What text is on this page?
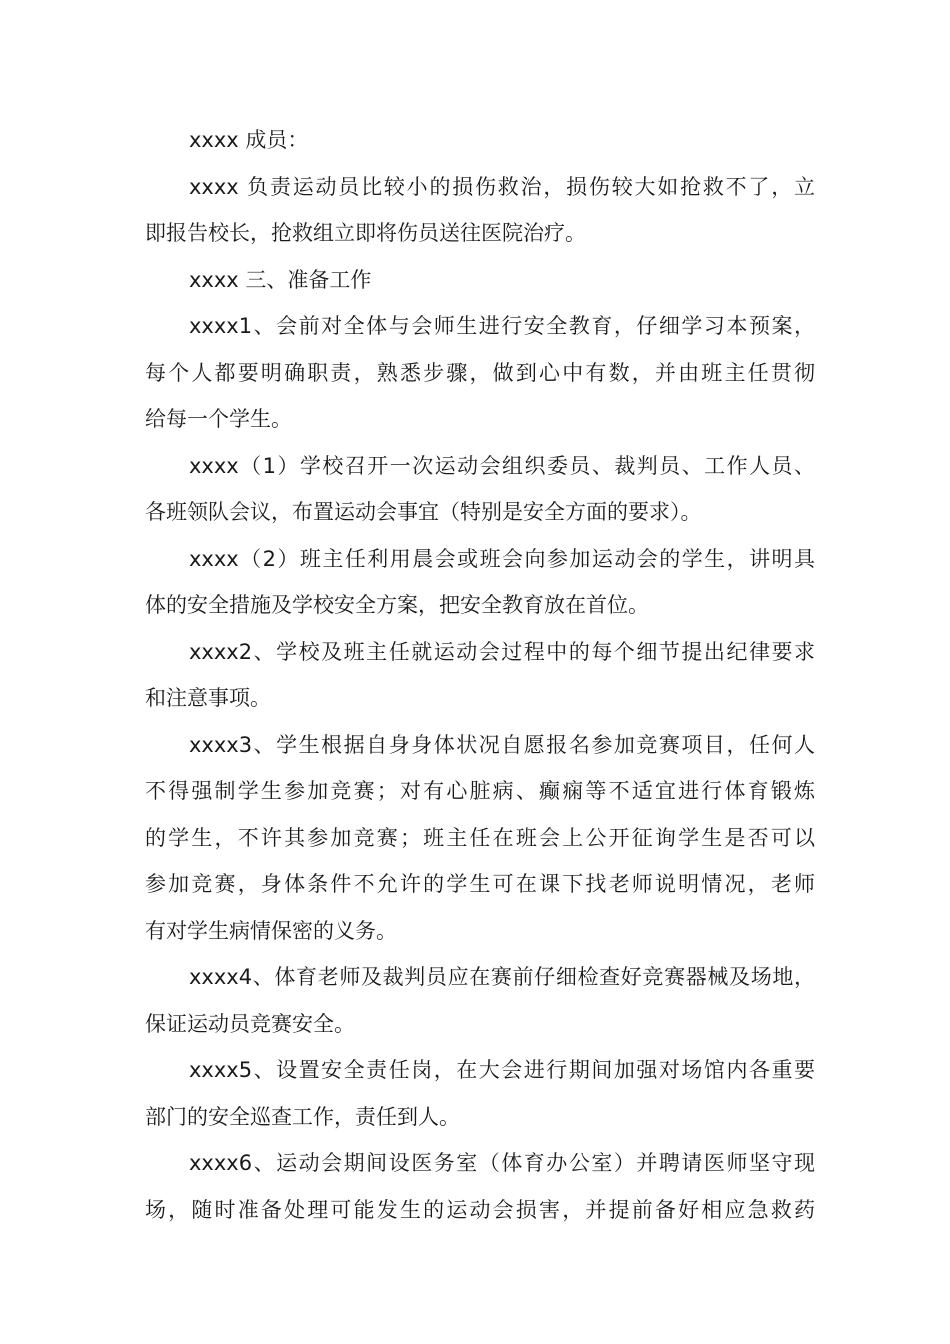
xxxx 成员：
xxxx 负责运动员比较小的损伤救治，损伤较大如抢救不了，立
即报告校长，抢救组立即将伤员送往医院治疗。
xxxx 三、准备工作
xxxx1、会前对全体与会师生进行安全教育，仔细学习本预案，
每个人都要明确职责，熟悉步骤，做到心中有数，并由班主任贯彻
给每一个学生。
xxxx（1）学校召开一次运动会组织委员、裁判员、工作人员、
各班领队会议，布置运动会事宜（特别是安全方面的要求）。
xxxx（2）班主任利用晨会或班会向参加运动会的学生，讲明具
体的安全措施及学校安全方案，把安全教育放在首位。
xxxx2、学校及班主任就运动会过程中的每个细节提出纪律要求
和注意事项。
xxxx3、学生根据自身身体状况自愿报名参加竞赛项目，任何人
不得强制学生参加竞赛；对有心脏病、癫痫等不适宜进行体育锻炼
的学生，不许其参加竞赛；班主任在班会上公开征询学生是否可以
参加竞赛，身体条件不允许的学生可在课下找老师说明情况，老师
有对学生病情保密的义务。
xxxx4、体育老师及裁判员应在赛前仔细检查好竞赛器械及场地，
保证运动员竞赛安全。
xxxx5、设置安全责任岗，在大会进行期间加强对场馆内各重要
部门的安全巡查工作，责任到人。
xxxx6、运动会期间设医务室（体育办公室）并聘请医师坚守现
场，随时准备处理可能发生的运动会损害，并提前备好相应急救药
